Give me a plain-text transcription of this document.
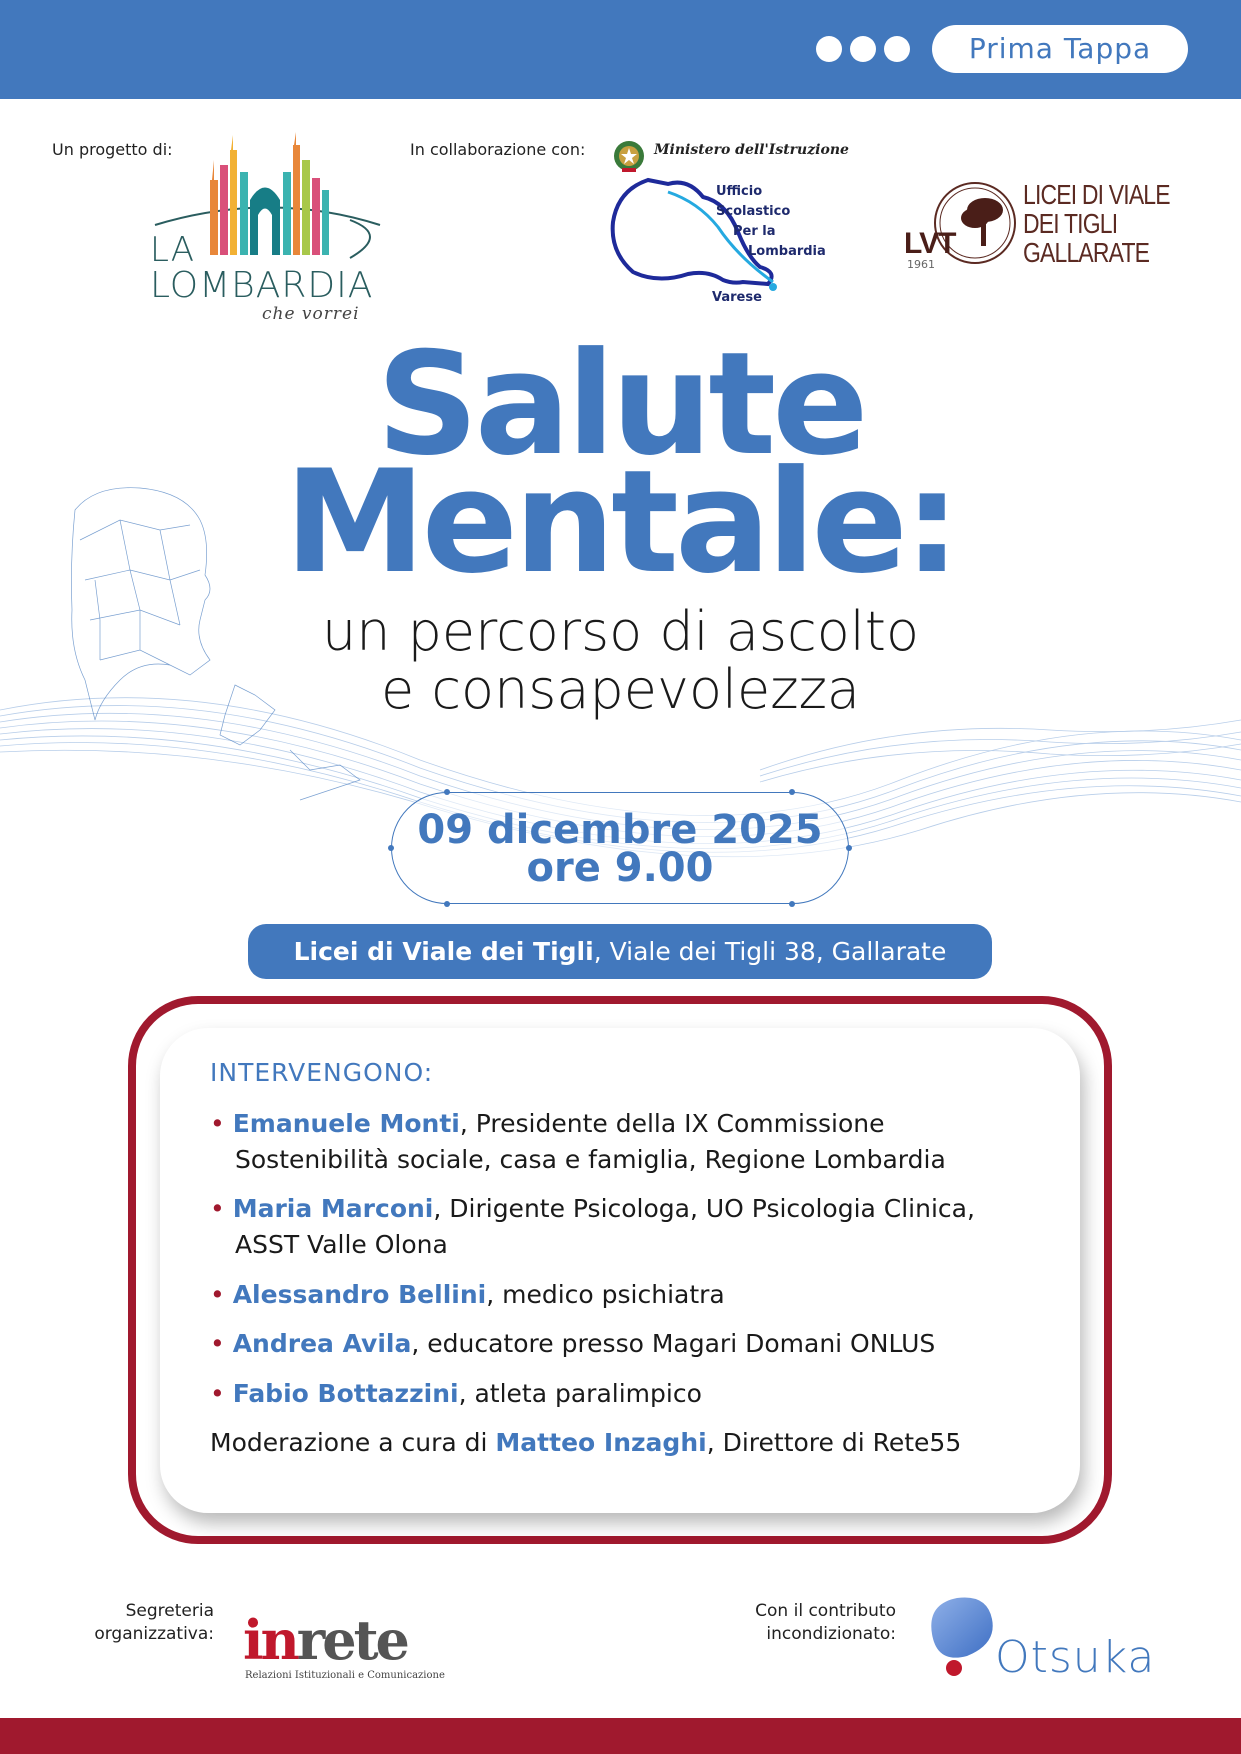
Prima Tappa
Un progetto di:
LA
LOMBARDIA
che vorrei
In collaborazione con:	Ministero dell'Istruzione
Ufficio
Scolastico
Per la
Lombardia
Varese
LVT
1961
LICEI DI VIALE
DEI TIGLI
GALLARATE
Salute
Mentale:
un percorso di ascolto
e consapevolezza
09 dicembre 2025
ore 9.00
Licei di Viale dei Tigli, Viale dei Tigli 38, Gallarate
INTERVENGONO:
• Emanuele Monti, Presidente della IX Commissione
Sostenibilità sociale, casa e famiglia, Regione Lombardia
• Maria Marconi, Dirigente Psicologa, UO Psicologia Clinica,
ASST Valle Olona
• Alessandro Bellini, medico psichiatra
• Andrea Avila, educatore presso Magari Domani ONLUS
• Fabio Bottazzini, atleta paralimpico
Moderazione a cura di Matteo Inzaghi, Direttore di Rete55
Segreteria
organizzativa: inrete
Relazioni Istituzionali e Comunicazione
Con il contributo
incondizionato: Otsuka
